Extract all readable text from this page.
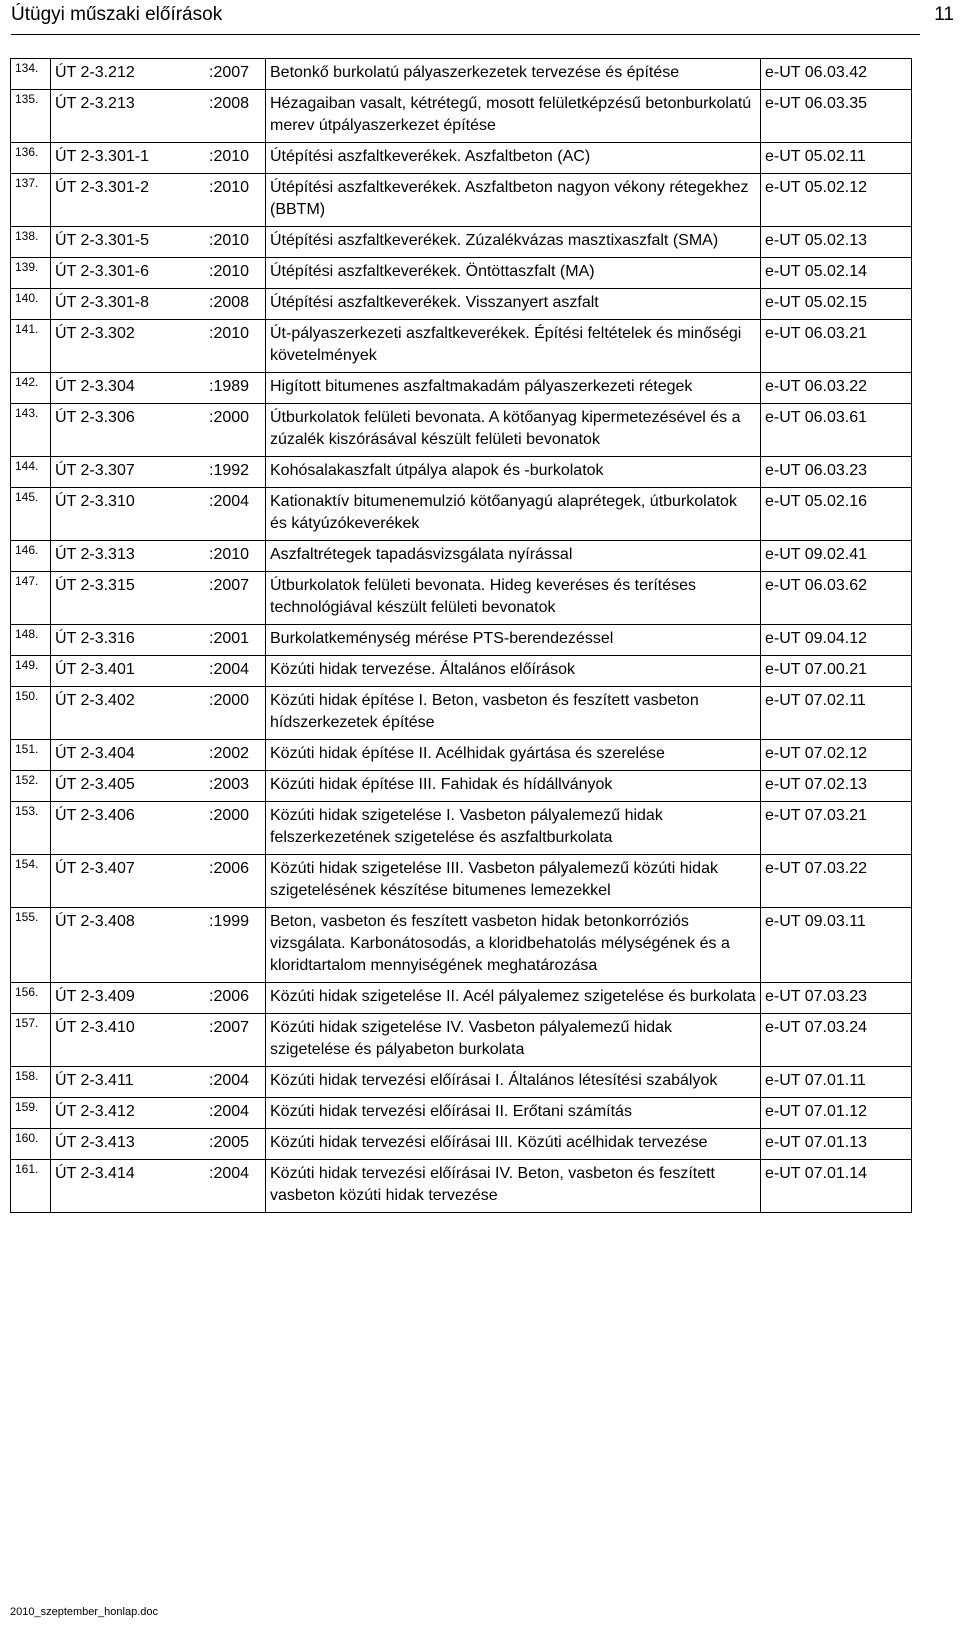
Útügyi műszaki előírások	11
134.	ÚT 2-3.212	:2007	Betonkő burkolatú pályaszerkezetek tervezése és építése	e-UT 06.03.42
135.	ÚT 2-3.213	:2008	Hézagaiban vasalt, kétrétegű, mosott felületképzésű betonburkolatú merev útpályaszerkezet építése	e-UT 06.03.35
136.	ÚT 2-3.301-1	:2010	Útépítési aszfaltkeverékek. Aszfaltbeton (AC)	e-UT 05.02.11
137.	ÚT 2-3.301-2	:2010	Útépítési aszfaltkeverékek. Aszfaltbeton nagyon vékony rétegekhez (BBTM)	e-UT 05.02.12
138.	ÚT 2-3.301-5	:2010	Útépítési aszfaltkeverékek. Zúzalékvázas masztixaszfalt (SMA)	e-UT 05.02.13
139.	ÚT 2-3.301-6	:2010	Útépítési aszfaltkeverékek. Öntöttaszfalt (MA)	e-UT 05.02.14
140.	ÚT 2-3.301-8	:2008	Útépítési aszfaltkeverékek. Visszanyert aszfalt	e-UT 05.02.15
141.	ÚT 2-3.302	:2010	Út-pályaszerkezeti aszfaltkeverékek. Építési feltételek és minőségi követelmények	e-UT 06.03.21
142.	ÚT 2-3.304	:1989	Higított bitumenes aszfaltmakadám pályaszerkezeti rétegek	e-UT 06.03.22
143.	ÚT 2-3.306	:2000	Útburkolatok felületi bevonata. A kötőanyag kipermetezésével és a zúzalék kiszórásával készült felületi bevonatok	e-UT 06.03.61
144.	ÚT 2-3.307	:1992	Kohósalakaszfalt útpálya alapok és -burkolatok	e-UT 06.03.23
145.	ÚT 2-3.310	:2004	Kationaktív bitumenemulzió kötőanyagú alaprétegek, útburkolatok és kátyúzókeverékek	e-UT 05.02.16
146.	ÚT 2-3.313	:2010	Aszfaltrétegek tapadásvizsgálata nyírással	e-UT 09.02.41
147.	ÚT 2-3.315	:2007	Útburkolatok felületi bevonata. Hideg keveréses és terítéses technológiával készült felületi bevonatok	e-UT 06.03.62
148.	ÚT 2-3.316	:2001	Burkolatkeménység mérése PTS-berendezéssel	e-UT 09.04.12
149.	ÚT 2-3.401	:2004	Közúti hidak tervezése. Általános előírások	e-UT 07.00.21
150.	ÚT 2-3.402	:2000	Közúti hidak építése I. Beton, vasbeton és feszített vasbeton hídszerkezetek építése	e-UT 07.02.11
151.	ÚT 2-3.404	:2002	Közúti hidak építése II. Acélhidak gyártása és szerelése	e-UT 07.02.12
152.	ÚT 2-3.405	:2003	Közúti hidak építése III. Fahidak és hídállványok	e-UT 07.02.13
153.	ÚT 2-3.406	:2000	Közúti hidak szigetelése I. Vasbeton pályalemezű hidak felszerkezetének szigetelése és aszfaltburkolata	e-UT 07.03.21
154.	ÚT 2-3.407	:2006	Közúti hidak szigetelése III. Vasbeton pályalemezű közúti hidak szigetelésének készítése bitumenes lemezekkel	e-UT 07.03.22
155.	ÚT 2-3.408	:1999	Beton, vasbeton és feszített vasbeton hidak betonkorróziós vizsgálata. Karbonátosodás, a kloridbehatolás mélységének és a kloridtartalom mennyiségének meghatározása	e-UT 09.03.11
156.	ÚT 2-3.409	:2006	Közúti hidak szigetelése II. Acél pályalemez szigetelése és burkolata	e-UT 07.03.23
157.	ÚT 2-3.410	:2007	Közúti hidak szigetelése IV. Vasbeton pályalemezű hidak szigetelése és pályabeton burkolata	e-UT 07.03.24
158.	ÚT 2-3.411	:2004	Közúti hidak tervezési előírásai I. Általános létesítési szabályok	e-UT 07.01.11
159.	ÚT 2-3.412	:2004	Közúti hidak tervezési előírásai II. Erőtani számítás	e-UT 07.01.12
160.	ÚT 2-3.413	:2005	Közúti hidak tervezési előírásai III. Közúti acélhidak tervezése	e-UT 07.01.13
161.	ÚT 2-3.414	:2004	Közúti hidak tervezési előírásai IV. Beton, vasbeton és feszített vasbeton közúti hidak tervezése	e-UT 07.01.14
2010_szeptember_honlap.doc
